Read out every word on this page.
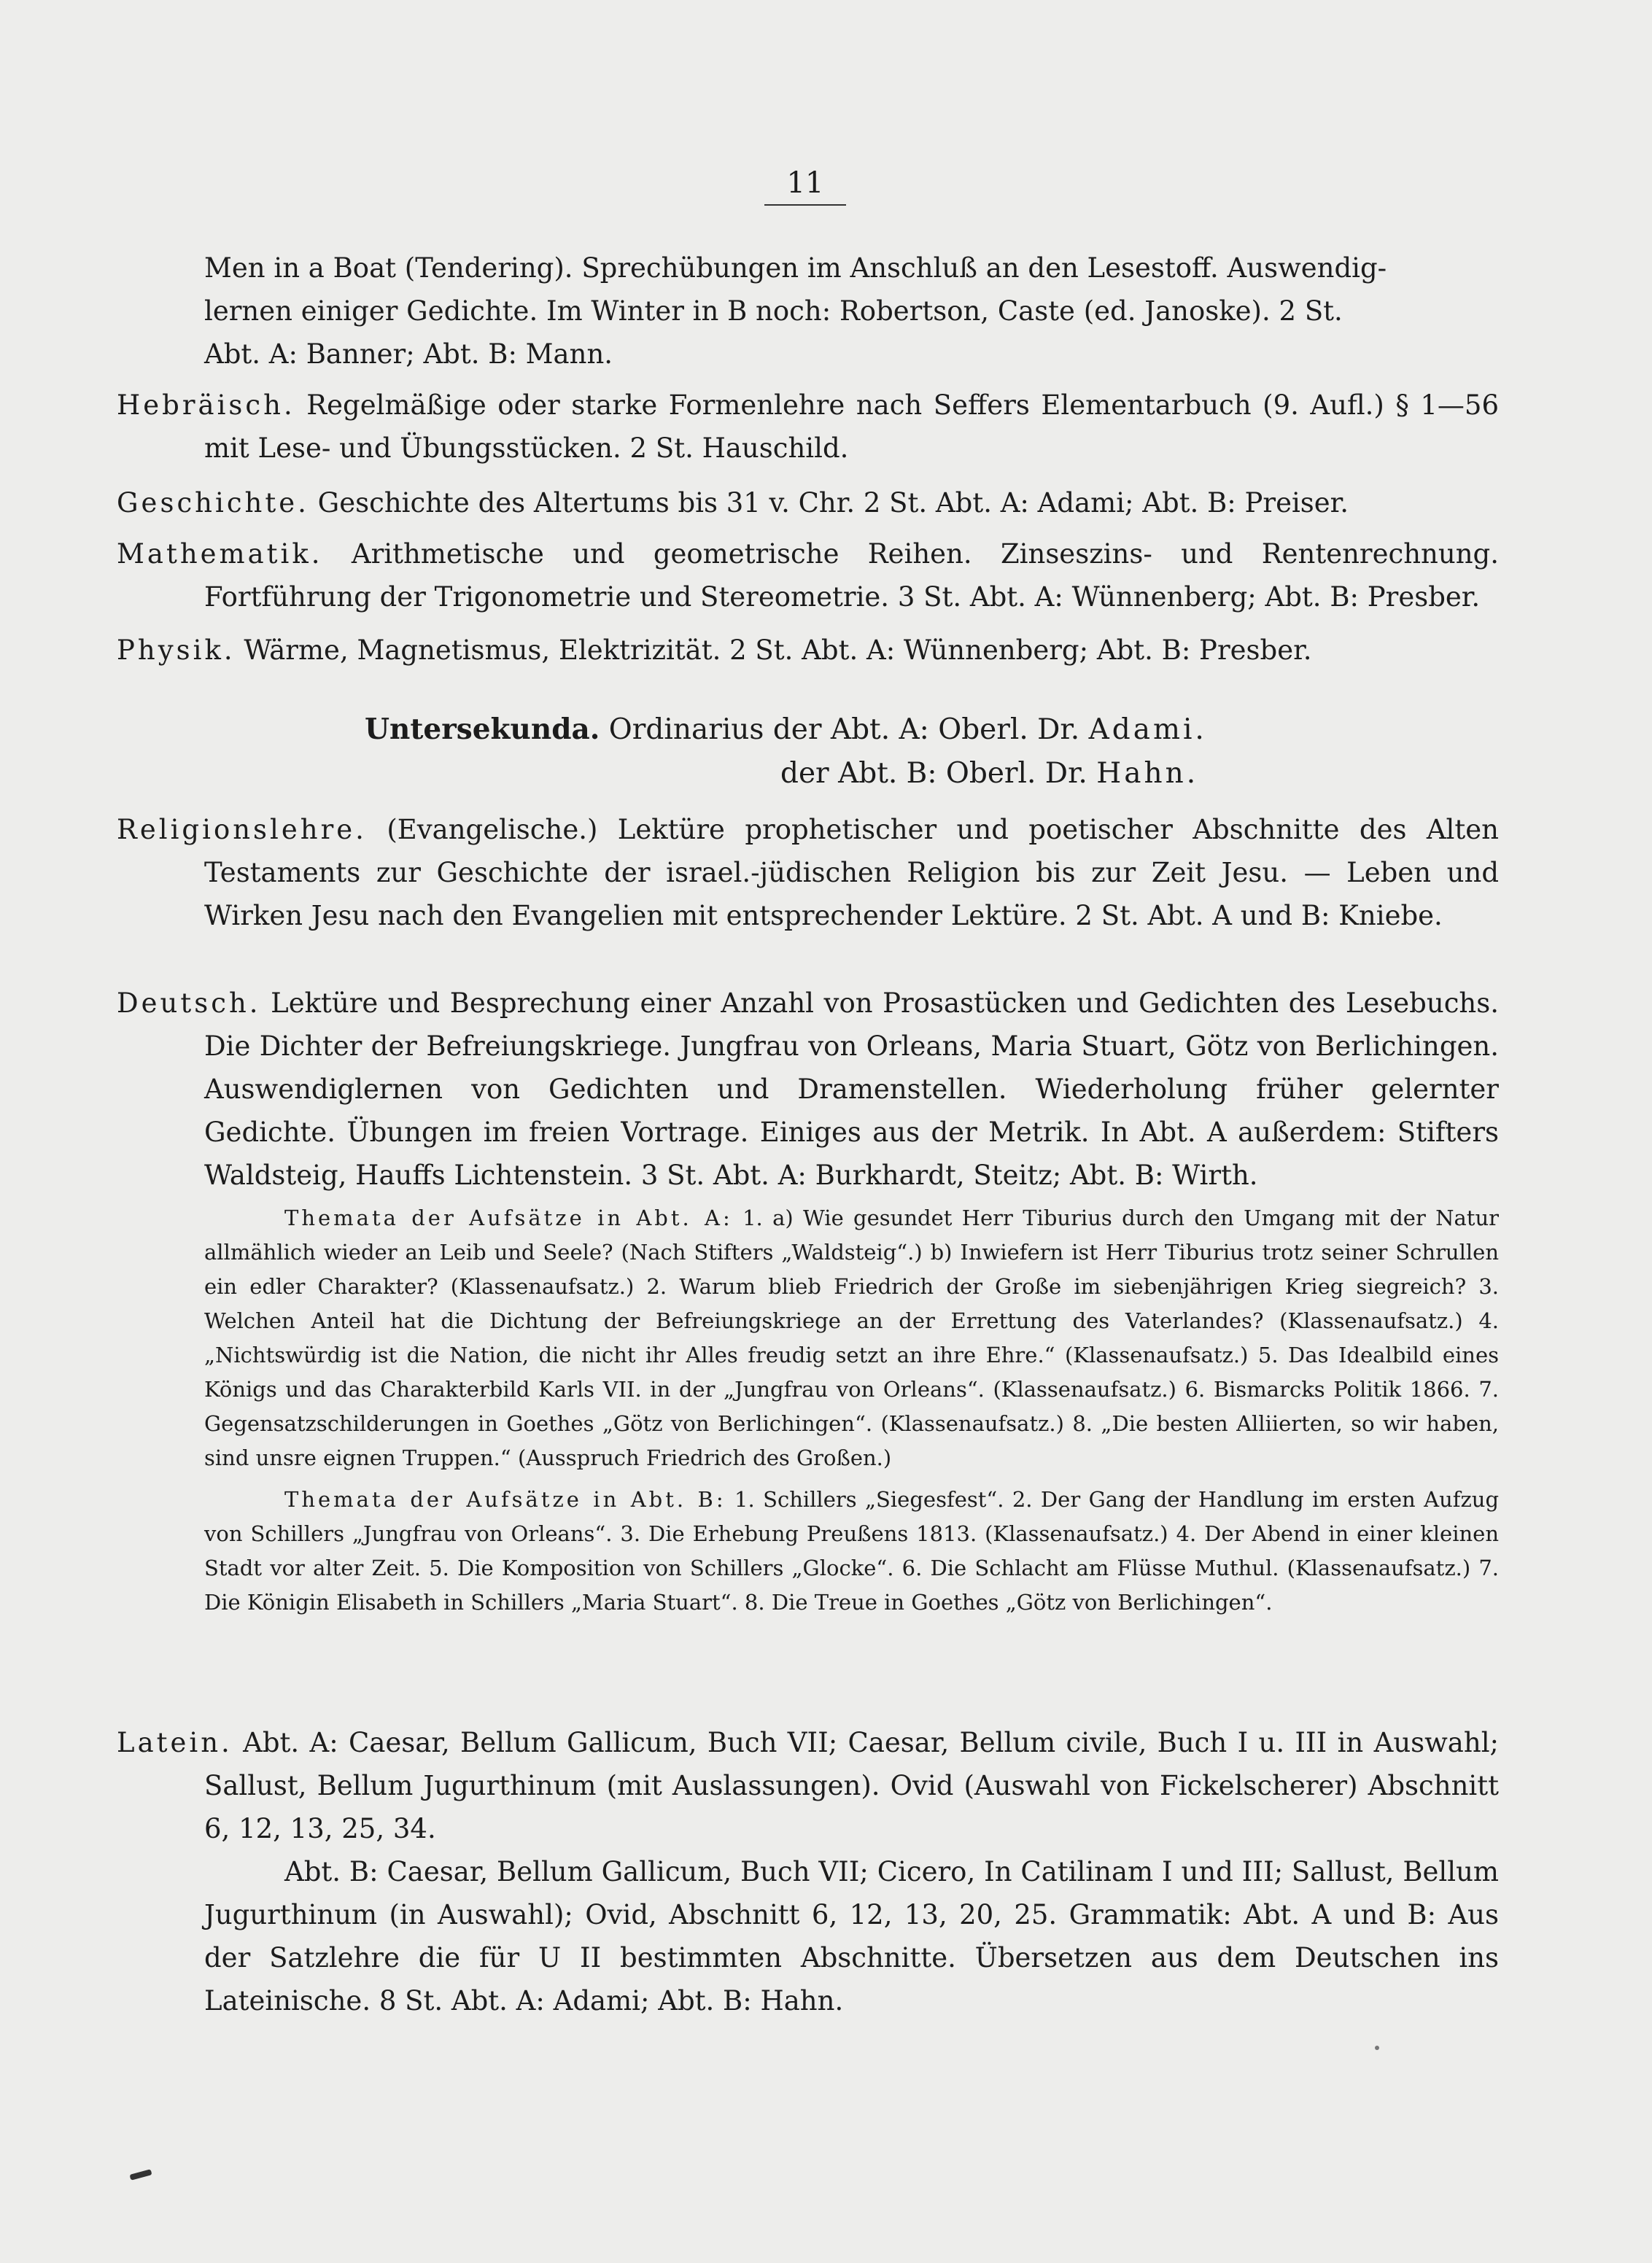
11

Men in a Boat (Tendering). Sprechübungen im Anschluß an den Lesestoff. Auswendig-

lernen einiger Gedichte. Im Winter in B noch: Robertson, Caste (ed. Janoske). 2 St.

Abt. A: Banner; Abt. B: Mann.

Hebräisch. Regelmäßige oder starke Formenlehre nach Seffers Elementarbuch (9. Aufl.) § 1—56 mit Lese- und Übungsstücken. 2 St. Hauschild.

Geschichte. Geschichte des Altertums bis 31 v. Chr. 2 St. Abt. A: Adami; Abt. B: Preiser.

Mathematik. Arithmetische und geometrische Reihen. Zinseszins- und Rentenrechnung. Fortführung der Trigonometrie und Stereometrie. 3 St. Abt. A: Wünnenberg; Abt. B: Presber.

Physik. Wärme, Magnetismus, Elektrizität. 2 St. Abt. A: Wünnenberg; Abt. B: Presber.

Untersekunda. Ordinarius der Abt. A: Oberl. Dr. Adami.
der Abt. B: Oberl. Dr. Hahn.

Religionslehre. (Evangelische.) Lektüre prophetischer und poetischer Abschnitte des Alten Testaments zur Geschichte der israel.-jüdischen Religion bis zur Zeit Jesu. — Leben und Wirken Jesu nach den Evangelien mit entsprechender Lektüre. 2 St. Abt. A und B: Kniebe.

Deutsch. Lektüre und Besprechung einer Anzahl von Prosastücken und Gedichten des Lesebuchs. Die Dichter der Befreiungskriege. Jungfrau von Orleans, Maria Stuart, Götz von Berlichingen. Auswendiglernen von Gedichten und Dramenstellen. Wiederholung früher gelernter Gedichte. Übungen im freien Vortrage. Einiges aus der Metrik. In Abt. A außerdem: Stifters Waldsteig, Hauffs Lichtenstein. 3 St. Abt. A: Burkhardt, Steitz; Abt. B: Wirth.

Themata der Aufsätze in Abt. A: 1. a) Wie gesundet Herr Tiburius durch den Umgang mit der Natur allmählich wieder an Leib und Seele? (Nach Stifters „Waldsteig“.) b) Inwiefern ist Herr Tiburius trotz seiner Schrullen ein edler Charakter? (Klassenaufsatz.) 2. Warum blieb Friedrich der Große im siebenjährigen Krieg siegreich? 3. Welchen Anteil hat die Dichtung der Befreiungskriege an der Errettung des Vaterlandes? (Klassenaufsatz.) 4. „Nichtswürdig ist die Nation, die nicht ihr Alles freudig setzt an ihre Ehre.“ (Klassenaufsatz.) 5. Das Idealbild eines Königs und das Charakterbild Karls VII. in der „Jungfrau von Orleans“. (Klassenaufsatz.) 6. Bismarcks Politik 1866. 7. Gegensatzschilderungen in Goethes „Götz von Berlichingen“. (Klassenaufsatz.) 8. „Die besten Alliierten, so wir haben, sind unsre eignen Truppen.“ (Ausspruch Friedrich des Großen.)

Themata der Aufsätze in Abt. B: 1. Schillers „Siegesfest“. 2. Der Gang der Handlung im ersten Aufzug von Schillers „Jungfrau von Orleans“. 3. Die Erhebung Preußens 1813. (Klassenaufsatz.) 4. Der Abend in einer kleinen Stadt vor alter Zeit. 5. Die Komposition von Schillers „Glocke“. 6. Die Schlacht am Flüsse Muthul. (Klassenaufsatz.) 7. Die Königin Elisabeth in Schillers „Maria Stuart“. 8. Die Treue in Goethes „Götz von Berlichingen“.

Latein. Abt. A: Caesar, Bellum Gallicum, Buch VII; Caesar, Bellum civile, Buch I u. III in Auswahl; Sallust, Bellum Jugurthinum (mit Auslassungen). Ovid (Auswahl von Fickelscherer) Abschnitt 6, 12, 13, 25, 34.

Abt. B: Caesar, Bellum Gallicum, Buch VII; Cicero, In Catilinam I und III; Sallust, Bellum Jugurthinum (in Auswahl); Ovid, Abschnitt 6, 12, 13, 20, 25. Grammatik: Abt. A und B: Aus der Satzlehre die für U II bestimmten Abschnitte. Übersetzen aus dem Deutschen ins Lateinische. 8 St. Abt. A: Adami; Abt. B: Hahn.
